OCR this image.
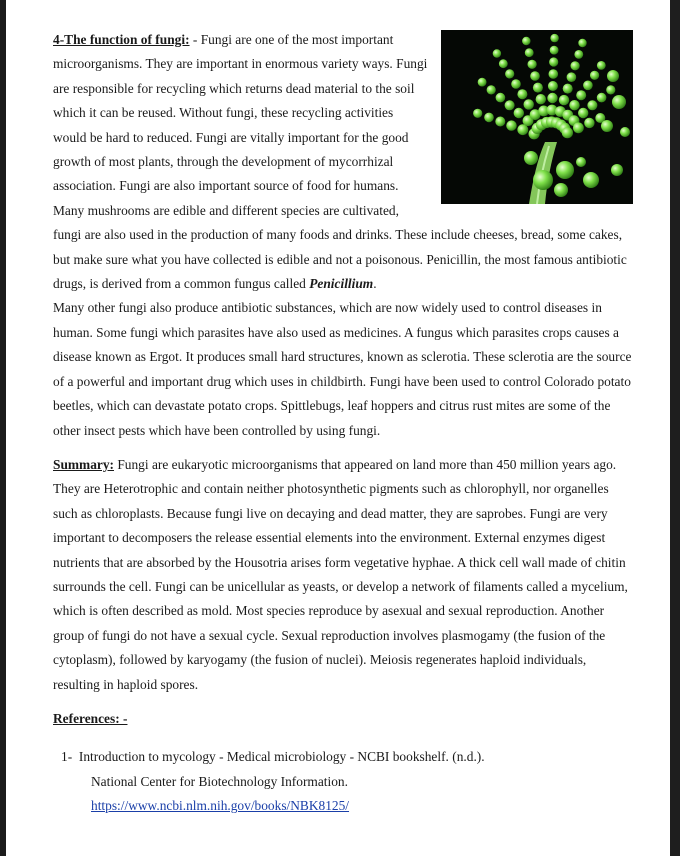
4-The function of fungi: -
Fungi are one of the most important microorganisms. They are important in enormous variety ways. Fungi are responsible for recycling which returns dead material to the soil which it can be reused. Without fungi, these recycling activities would be hard to reduced. Fungi are vitally important for the good growth of most plants, through the development of mycorrhizal association. Fungi are also important source of food for humans. Many mushrooms are edible and different species are cultivated, fungi are also used in the production of many foods and drinks. These include cheeses, bread, some cakes, but make sure what you have collected is edible and not a poisonous. Penicillin, the most famous antibiotic drugs, is derived from a common fungus called Penicillium.

Many other fungi also produce antibiotic substances, which are now widely used to control diseases in human. Some fungi which parasites have also used as medicines. A fungus which parasites crops causes a disease known as Ergot. It produces small hard structures, known as sclerotia. These sclerotia are the source of a powerful and important drug which uses in childbirth. Fungi have been used to control Colorado potato beetles, which can devastate potato crops. Spittlebugs, leaf hoppers and citrus rust mites are some of the other insect pests which have been controlled by using fungi.

Summary: Fungi are eukaryotic microorganisms that appeared on land more than 450 million years ago. They are Heterotrophic and contain neither photosynthetic pigments such as chlorophyll, nor organelles such as chloroplasts. Because fungi live on decaying and dead matter, they are saprobes. Fungi are very important to decomposers the release essential elements into the environment. External enzymes digest nutrients that are absorbed by the Housotria arises form vegetative hyphae. A thick cell wall made of chitin surrounds the cell. Fungi can be unicellular as yeasts, or develop a network of filaments called a mycelium, which is often described as mold. Most species reproduce by asexual and sexual reproduction. Another group of fungi do not have a sexual cycle. Sexual reproduction involves plasmogamy (the fusion of the cytoplasm), followed by karyogamy (the fusion of nuclei). Meiosis regenerates haploid individuals, resulting in haploid spores.

References: -

1- Introduction to mycology - Medical microbiology - NCBI bookshelf. (n.d.).
National Center for Biotechnology Information.
https://www.ncbi.nlm.nih.gov/books/NBK8125/
